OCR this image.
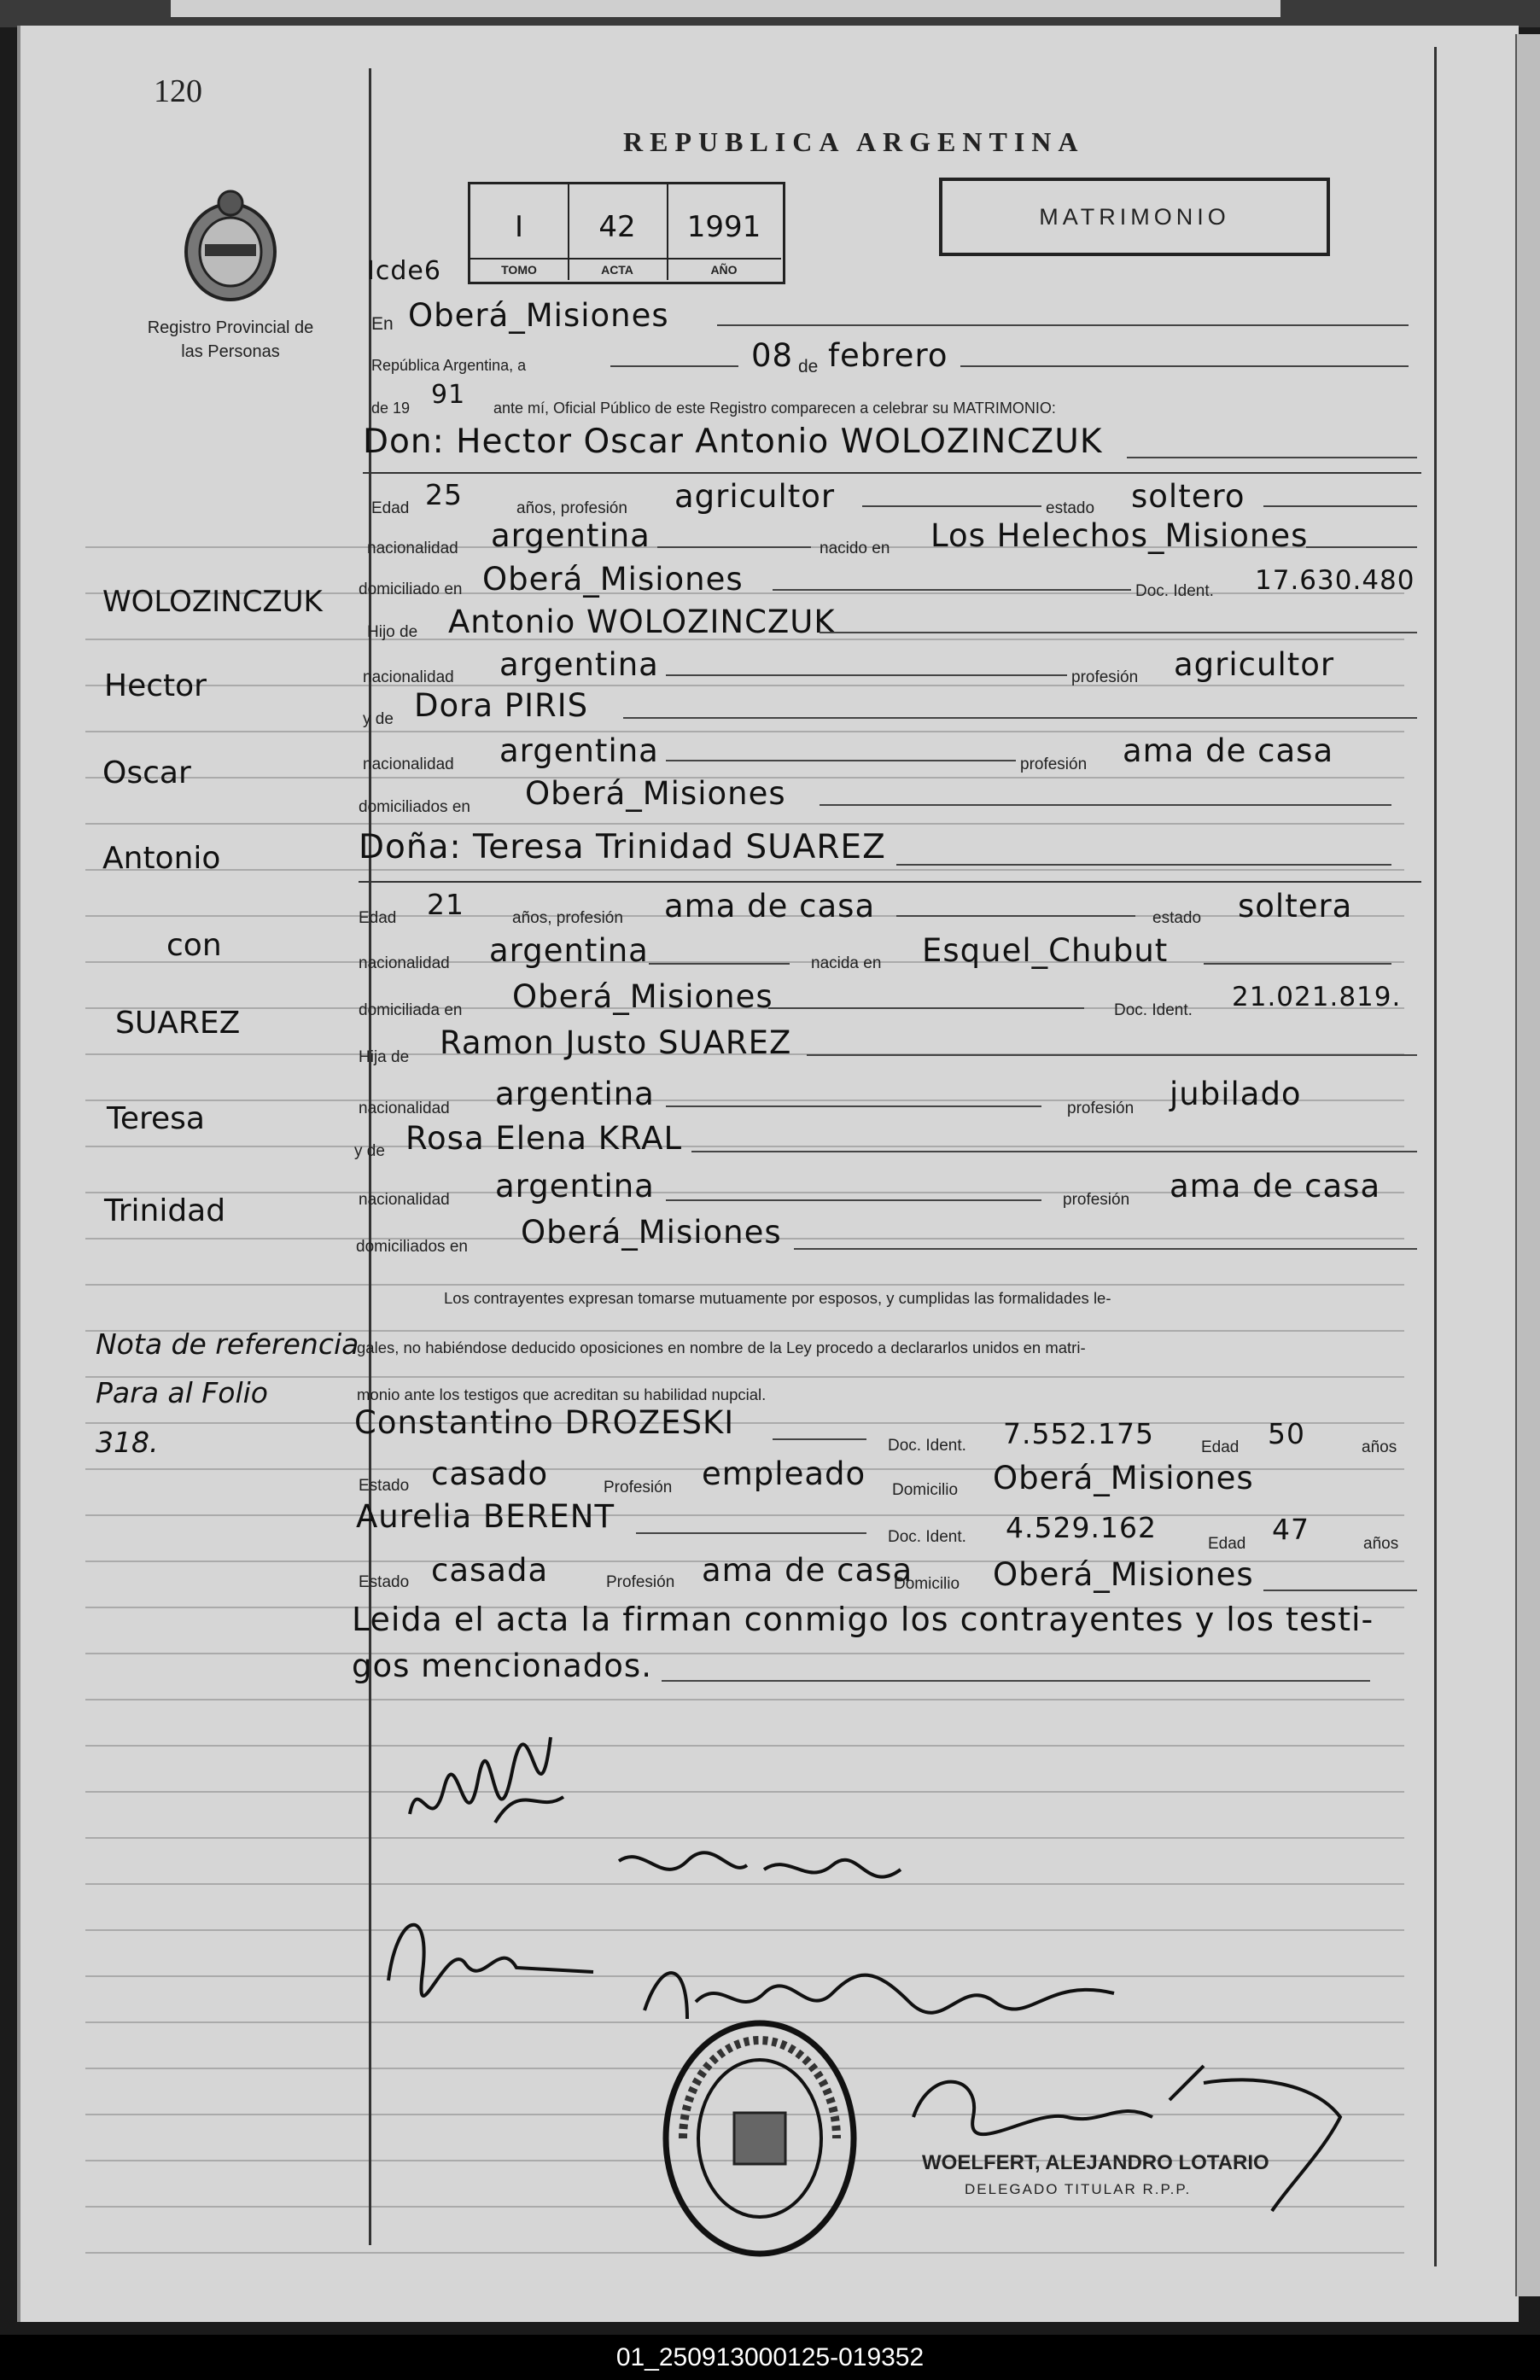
120
REPUBLICA ARGENTINA
Registro Provincial de las Personas
I
TOMO
42
ACTA
1991
AÑO
MATRIMONIO
Icde6
WOLOZINCZUK
Hector
Oscar
Antonio
con
SUAREZ
Teresa
Trinidad
Nota de referencia
Para al Folio
318.
En Oberá_Misiones
República Argentina, a	08 de febrero
de 19 91 ante mí, Oficial Público de este Registro comparecen a celebrar su MATRIMONIO:
Don: Hector Oscar Antonio WOLOZINCZUK
Edad 25	años, profesión agricultor	estado soltero
nacionalidad argentina	nacido en Los Helechos_Misiones
domiciliado en Oberá_Misiones	Doc. Ident. 17.630.480
Hijo de Antonio WOLOZINCZUK
nacionalidad argentina	profesión agricultor
y de Dora PIRIS
nacionalidad argentina	profesión ama de casa
domiciliados en Oberá_Misiones
Doña: Teresa Trinidad SUAREZ
Edad 21	años, profesión ama de casa	estado soltera
nacionalidad argentina	nacida en Esquel_Chubut
domiciliada en Oberá_Misiones	Doc. Ident. 21.021.819.
Hija de Ramon Justo SUAREZ
nacionalidad argentina	profesión jubilado
y de Rosa Elena KRAL
nacionalidad argentina	profesión ama de casa
domiciliados en Oberá_Misiones
Los contrayentes expresan tomarse mutuamente por esposos, y cumplidas las formalidades le-
gales, no habiéndose deducido oposiciones en nombre de la Ley procedo a declararlos unidos en matri-
monio ante los testigos que acreditan su habilidad nupcial.
Constantino DROZESKI
Doc. Ident. 7.552.175	Edad 50	años
Estado casado	Profesión empleado Domicilio Oberá_Misiones
Aurelia BERENT
Doc. Ident. 4.529.162	Edad 47	años
Estado casada	Profesión ama de casa
Domicilio Oberá_Misiones
Leida el acta la firman conmigo los contrayentes y los testi-
gos mencionados.
WOELFERT, ALEJANDRO LOTARIO
DELEGADO TITULAR R.P.P.
01_250913000125-019352
